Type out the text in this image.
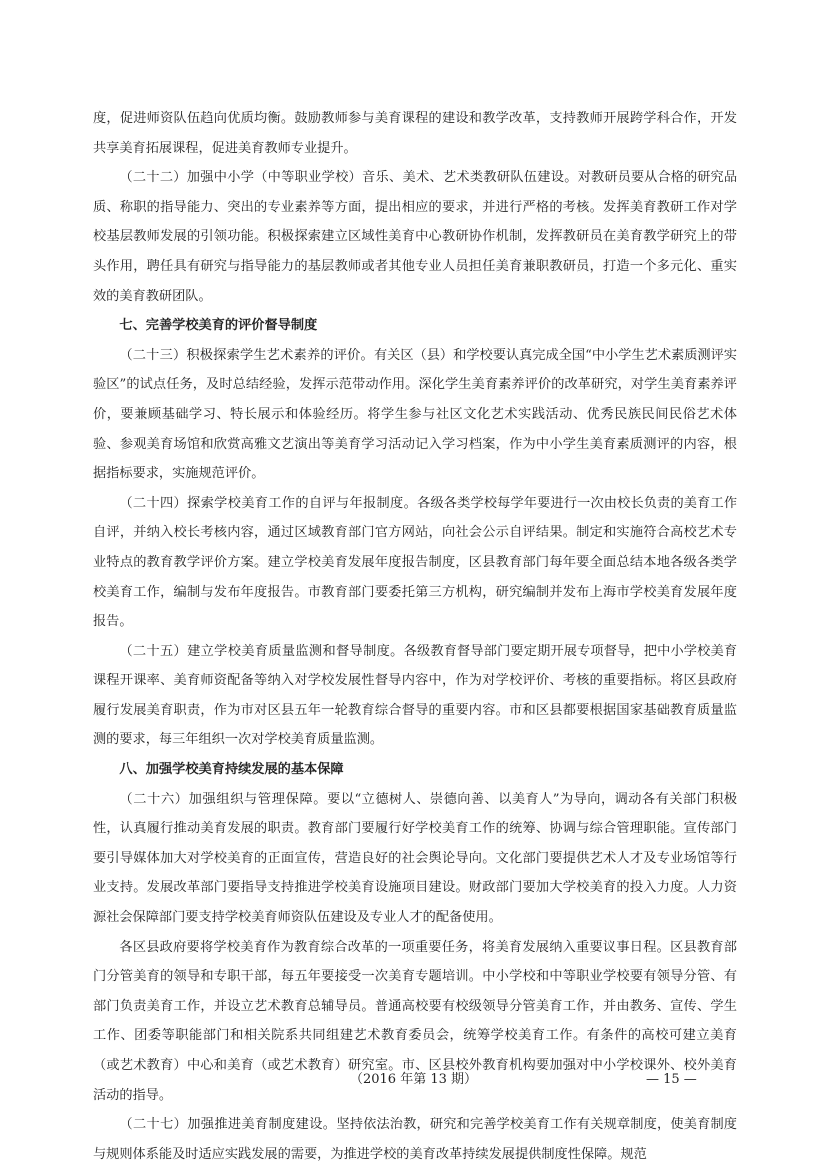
度，促进师资队伍趋向优质均衡。鼓励教师参与美育课程的建设和教学改革，支持教师开展跨学科合作，开发共享美育拓展课程，促进美育教师专业提升。

（二十二）加强中小学（中等职业学校）音乐、美术、艺术类教研队伍建设。对教研员要从合格的研究品质、称职的指导能力、突出的专业素养等方面，提出相应的要求，并进行严格的考核。发挥美育教研工作对学校基层教师发展的引领功能。积极探索建立区域性美育中心教研协作机制，发挥教研员在美育教学研究上的带头作用，聘任具有研究与指导能力的基层教师或者其他专业人员担任美育兼职教研员，打造一个多元化、重实效的美育教研团队。

七、完善学校美育的评价督导制度

（二十三）积极探索学生艺术素养的评价。有关区（县）和学校要认真完成全国“中小学生艺术素质测评实验区”的试点任务，及时总结经验，发挥示范带动作用。深化学生美育素养评价的改革研究，对学生美育素养评价，要兼顾基础学习、特长展示和体验经历。将学生参与社区文化艺术实践活动、优秀民族民间民俗艺术体验、参观美育场馆和欣赏高雅文艺演出等美育学习活动记入学习档案，作为中小学生美育素质测评的内容，根据指标要求，实施规范评价。

（二十四）探索学校美育工作的自评与年报制度。各级各类学校每学年要进行一次由校长负责的美育工作自评，并纳入校长考核内容，通过区域教育部门官方网站，向社会公示自评结果。制定和实施符合高校艺术专业特点的教育教学评价方案。建立学校美育发展年度报告制度，区县教育部门每年要全面总结本地各级各类学校美育工作，编制与发布年度报告。市教育部门要委托第三方机构，研究编制并发布上海市学校美育发展年度报告。

（二十五）建立学校美育质量监测和督导制度。各级教育督导部门要定期开展专项督导，把中小学校美育课程开课率、美育师资配备等纳入对学校发展性督导内容中，作为对学校评价、考核的重要指标。将区县政府履行发展美育职责，作为市对区县五年一轮教育综合督导的重要内容。市和区县都要根据国家基础教育质量监测的要求，每三年组织一次对学校美育质量监测。

八、加强学校美育持续发展的基本保障

（二十六）加强组织与管理保障。要以“立德树人、崇德向善、以美育人”为导向，调动各有关部门积极性，认真履行推动美育发展的职责。教育部门要履行好学校美育工作的统筹、协调与综合管理职能。宣传部门要引导媒体加大对学校美育的正面宣传，营造良好的社会舆论导向。文化部门要提供艺术人才及专业场馆等行业支持。发展改革部门要指导支持推进学校美育设施项目建设。财政部门要加大学校美育的投入力度。人力资源社会保障部门要支持学校美育师资队伍建设及专业人才的配备使用。

各区县政府要将学校美育作为教育综合改革的一项重要任务，将美育发展纳入重要议事日程。区县教育部门分管美育的领导和专职干部，每五年要接受一次美育专题培训。中小学校和中等职业学校要有领导分管、有部门负责美育工作，并设立艺术教育总辅导员。普通高校要有校级领导分管美育工作，并由教务、宣传、学生工作、团委等职能部门和相关院系共同组建艺术教育委员会，统筹学校美育工作。有条件的高校可建立美育（或艺术教育）中心和美育（或艺术教育）研究室。市、区县校外教育机构要加强对中小学校课外、校外美育活动的指导。

（二十七）加强推进美育制度建设。坚持依法治教，研究和完善学校美育工作有关规章制度，使美育制度与规则体系能及时适应实践发展的需要，为推进学校的美育改革持续发展提供制度性保障。规范

（2016 年第 13 期）	— 15 —
